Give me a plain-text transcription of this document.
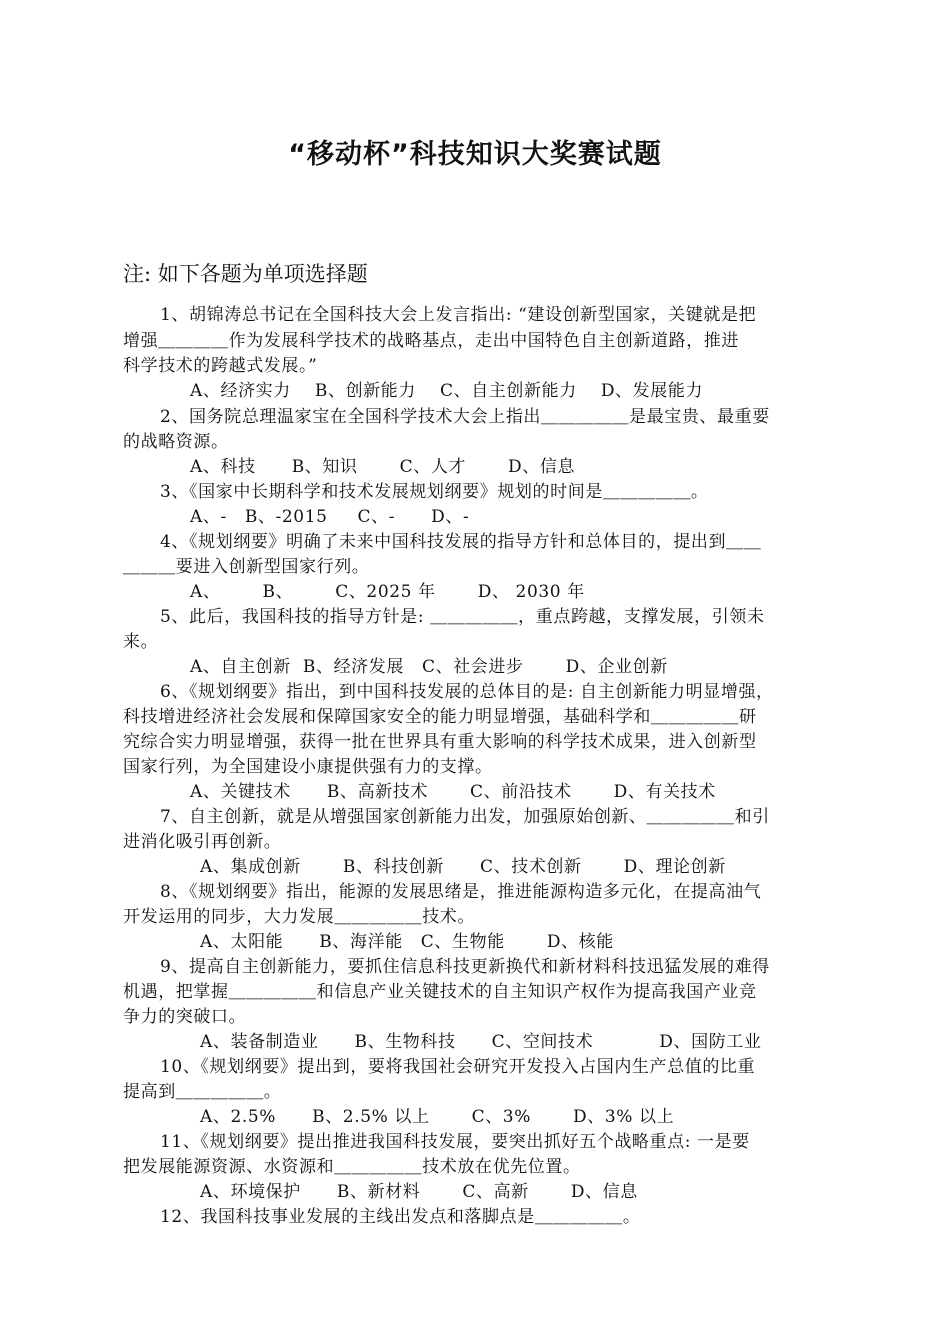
“移动杯”科技知识大奖赛试题
注: 如下各题为单项选择题
1、胡锦涛总书记在全国科技大会上发言指出: “建设创新型国家，关键就是把
增强＿＿＿＿作为发展科学技术的战略基点，走出中国特色自主创新道路，推进
科学技术的跨越式发展。”
A、经济实力    B、创新能力    C、自主创新能力    D、发展能力
2、国务院总理温家宝在全国科学技术大会上指出＿＿＿＿＿是最宝贵、最重要
的战略资源。
A、科技      B、知识       C、人才       D、信息
3、《国家中长期科学和技术发展规划纲要》规划的时间是＿＿＿＿＿。
A、-   B、-2015     C、-      D、-
4、《规划纲要》明确了未来中国科技发展的指导方针和总体目的，提出到＿＿
＿＿＿要进入创新型国家行列。
A、       B、       C、2025 年       D、 2030 年
5、此后，我国科技的指导方针是: ＿＿＿＿＿，重点跨越，支撑发展，引领未
来。
A、自主创新  B、经济发展   C、社会进步       D、企业创新
6、《规划纲要》指出，到中国科技发展的总体目的是: 自主创新能力明显增强，
科技增进经济社会发展和保障国家安全的能力明显增强，基础科学和＿＿＿＿＿研
究综合实力明显增强，获得一批在世界具有重大影响的科学技术成果，进入创新型
国家行列，为全国建设小康提供强有力的支撑。
A、关键技术      B、高新技术       C、前沿技术       D、有关技术
7、自主创新，就是从增强国家创新能力出发，加强原始创新、＿＿＿＿＿和引
进消化吸引再创新。
A、集成创新       B、科技创新      C、技术创新       D、理论创新
8、《规划纲要》指出，能源的发展思绪是，推进能源构造多元化，在提高油气
开发运用的同步，大力发展＿＿＿＿＿技术。
A、太阳能      B、海洋能   C、生物能       D、核能
9、提高自主创新能力，要抓住信息科技更新换代和新材料科技迅猛发展的难得
机遇，把掌握＿＿＿＿＿和信息产业关键技术的自主知识产权作为提高我国产业竞
争力的突破口。
A、装备制造业      B、生物科技      C、空间技术           D、国防工业
10、《规划纲要》提出到，要将我国社会研究开发投入占国内生产总值的比重
提高到＿＿＿＿＿。
A、2.5%      B、2.5% 以上       C、3%       D、3% 以上
11、《规划纲要》提出推进我国科技发展，要突出抓好五个战略重点: 一是要
把发展能源资源、水资源和＿＿＿＿＿技术放在优先位置。
A、环境保护      B、新材料       C、高新       D、信息
12、我国科技事业发展的主线出发点和落脚点是＿＿＿＿＿。
